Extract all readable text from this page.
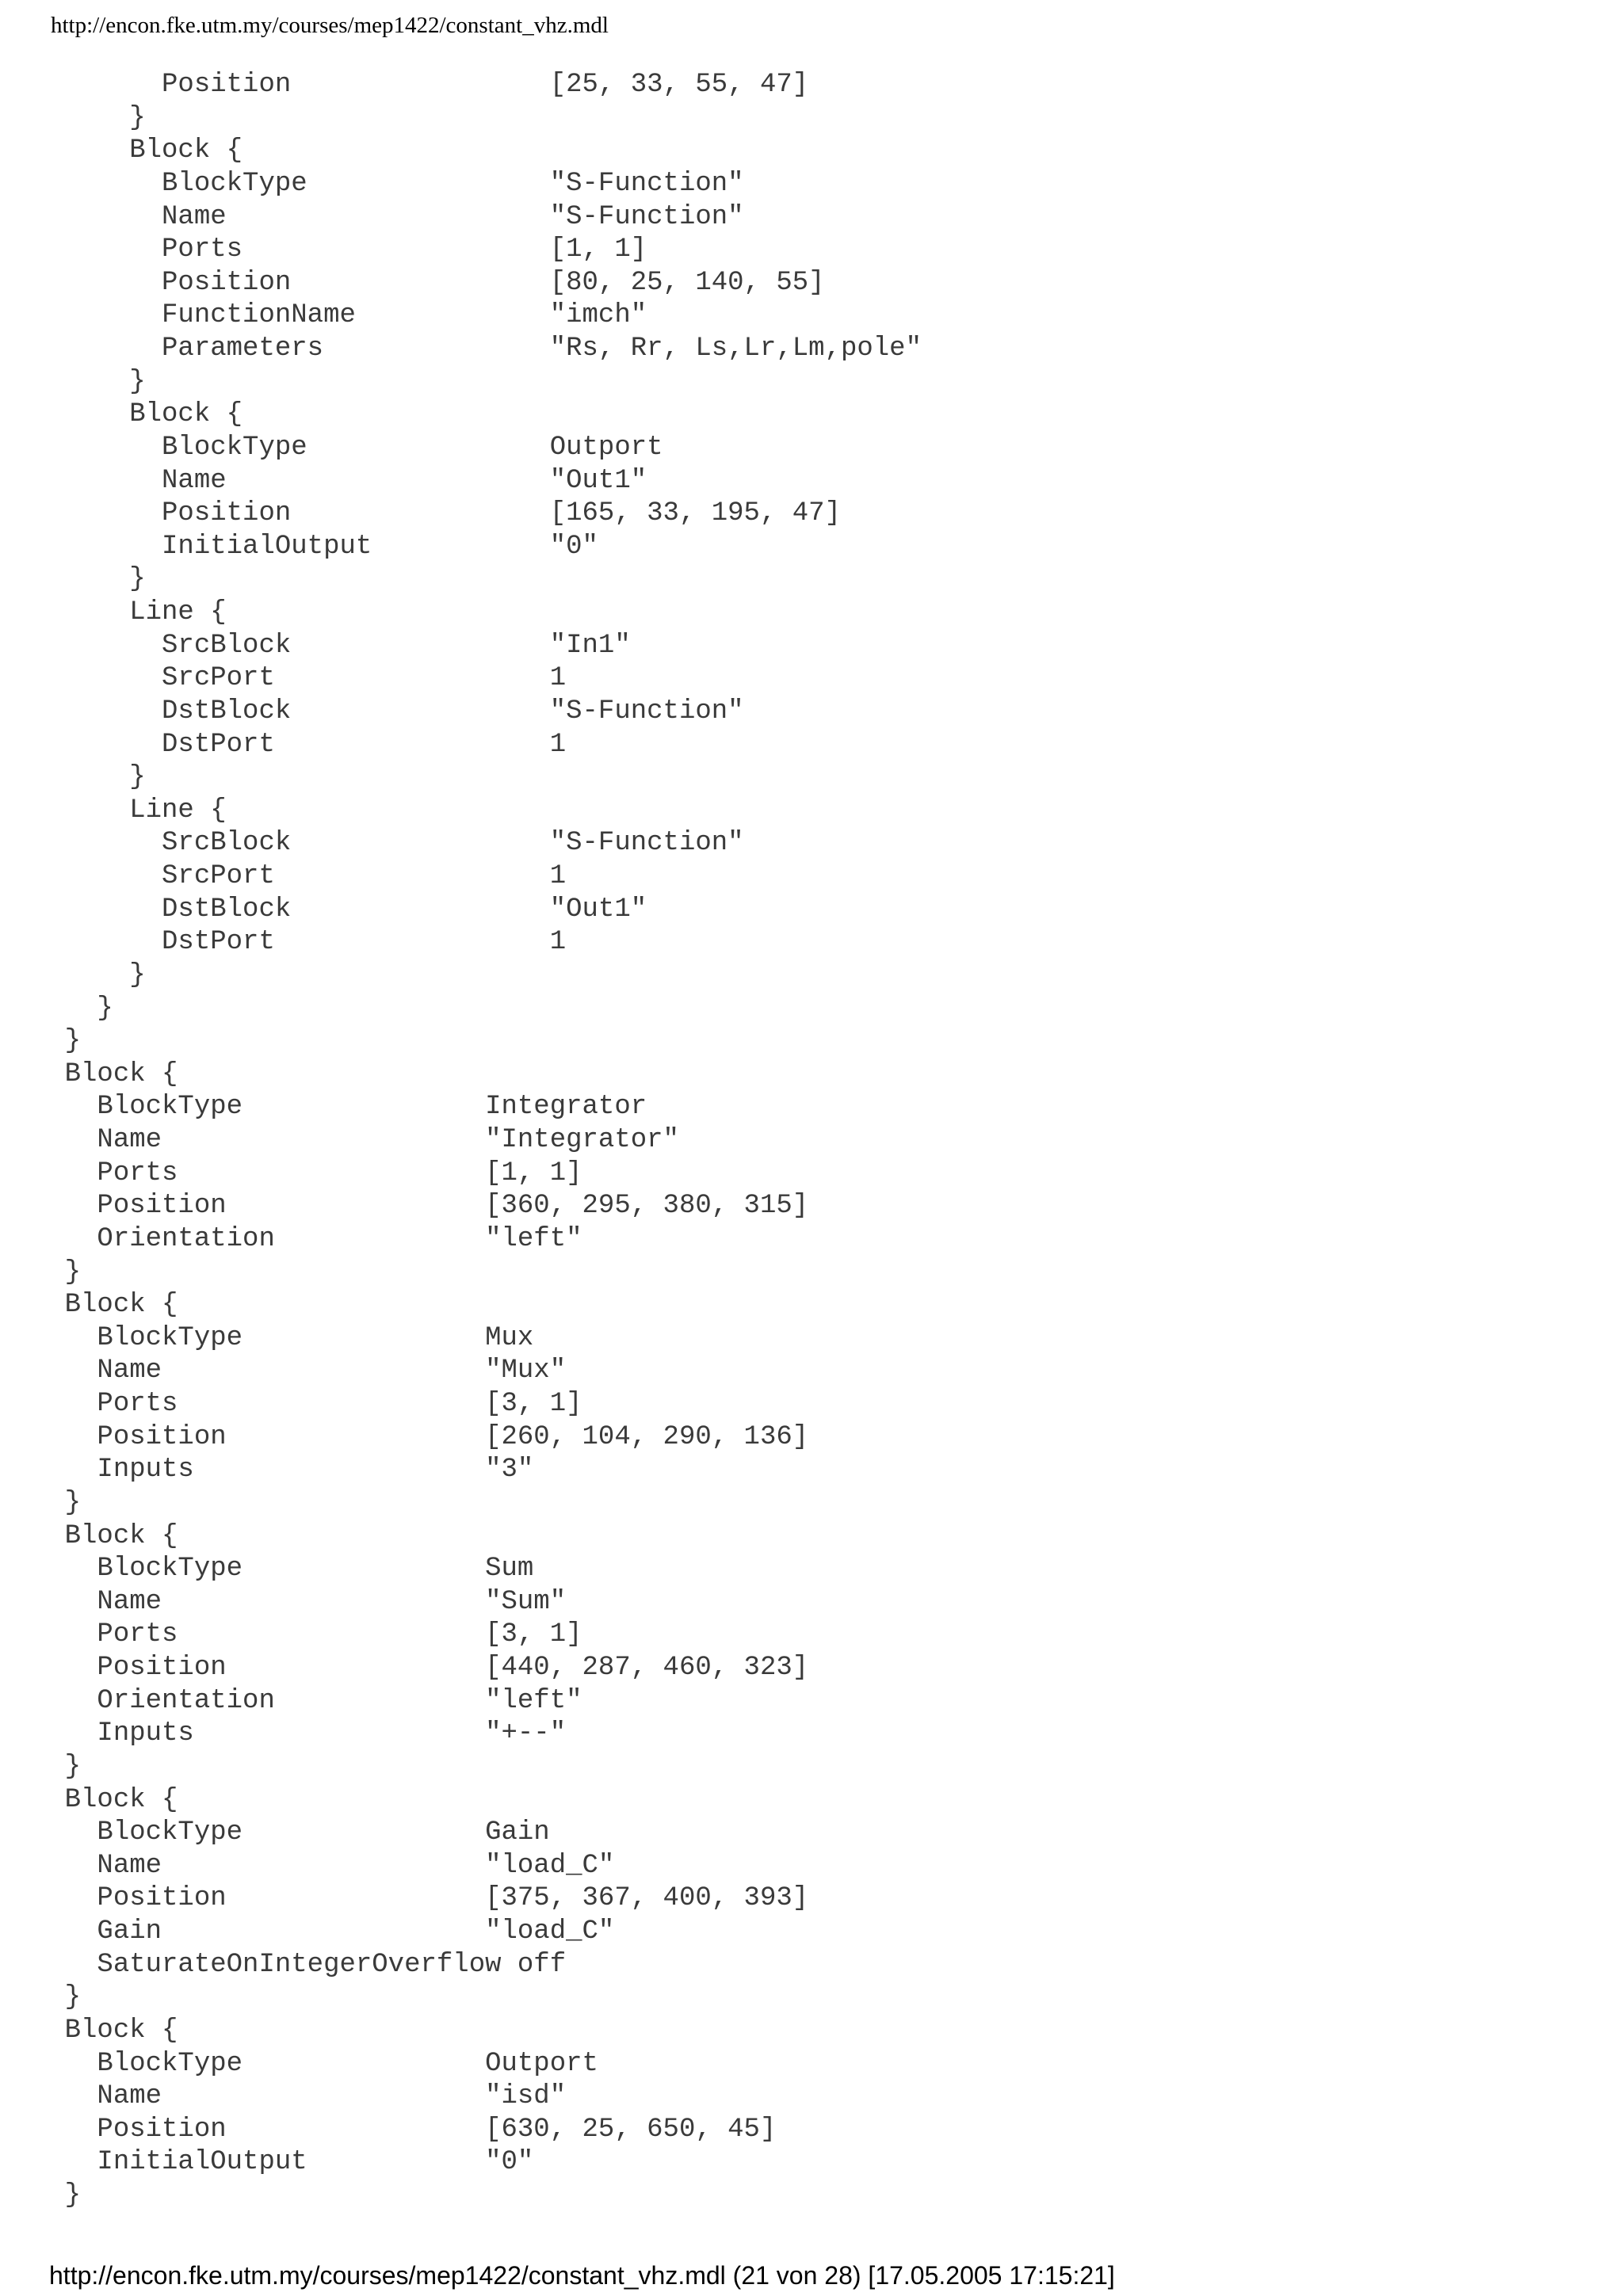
http://encon.fke.utm.my/courses/mep1422/constant_vhz.mdl
Position                [25, 33, 55, 47]
}
Block {
BlockType               "S-Function"
Name                    "S-Function"
Ports                   [1, 1]
Position                [80, 25, 140, 55]
FunctionName            "imch"
Parameters              "Rs, Rr, Ls,Lr,Lm,pole"
}
Block {
BlockType               Outport
Name                    "Out1"
Position                [165, 33, 195, 47]
InitialOutput           "0"
}
Line {
SrcBlock                "In1"
SrcPort                 1
DstBlock                "S-Function"
DstPort                 1
}
Line {
SrcBlock                "S-Function"
SrcPort                 1
DstBlock                "Out1"
DstPort                 1
}
}
}
Block {
BlockType               Integrator
Name                    "Integrator"
Ports                   [1, 1]
Position                [360, 295, 380, 315]
Orientation             "left"
}
Block {
BlockType               Mux
Name                    "Mux"
Ports                   [3, 1]
Position                [260, 104, 290, 136]
Inputs                  "3"
}
Block {
BlockType               Sum
Name                    "Sum"
Ports                   [3, 1]
Position                [440, 287, 460, 323]
Orientation             "left"
Inputs                  "+--"
}
Block {
BlockType               Gain
Name                    "load_C"
Position                [375, 367, 400, 393]
Gain                    "load_C"
SaturateOnIntegerOverflow off
}
Block {
BlockType               Outport
Name                    "isd"
Position                [630, 25, 650, 45]
InitialOutput           "0"
}
http://encon.fke.utm.my/courses/mep1422/constant_vhz.mdl (21 von 28) [17.05.2005 17:15:21]
